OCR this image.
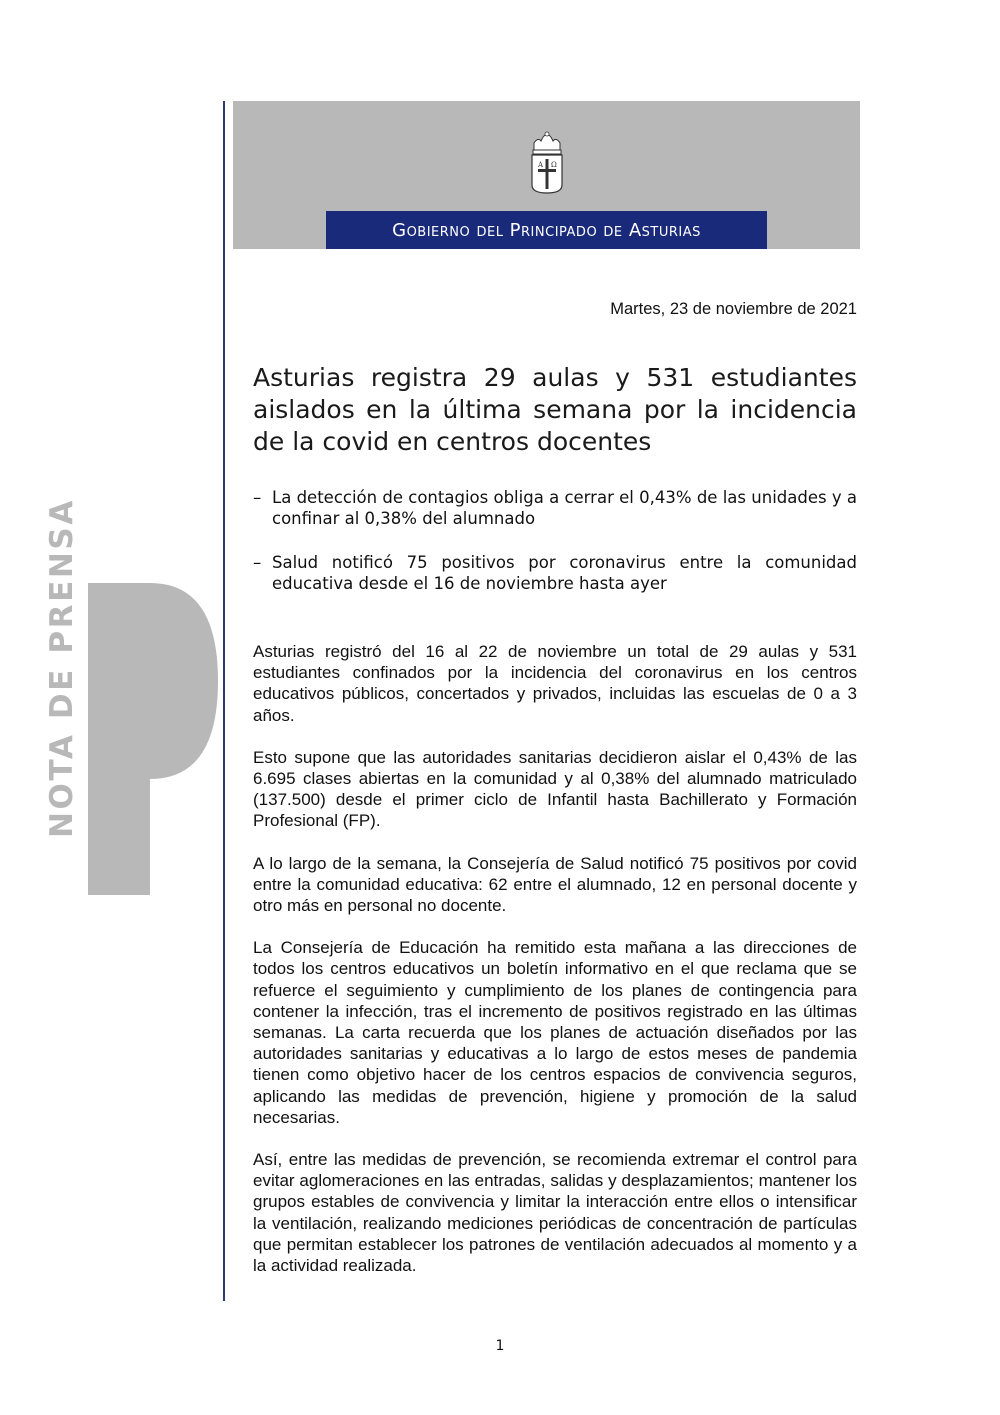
Α Ω
Gobierno del Principado de Asturias
NOTA DE PRENSA
Martes, 23 de noviembre de 2021
Asturias registra 29 aulas y 531 estudiantes aislados en la última semana por la incidencia de la covid en centros docentes
– La detección de contagios obliga a cerrar el 0,43% de las unidades y a confinar al 0,38% del alumnado
– Salud notificó 75 positivos por coronavirus entre la comunidad educativa desde el 16 de noviembre hasta ayer

Asturias registró del 16 al 22 de noviembre un total de 29 aulas y 531 estudiantes confinados por la incidencia del coronavirus en los centros educativos públicos, concertados y privados, incluidas las escuelas de 0 a 3 años.

Esto supone que las autoridades sanitarias decidieron aislar el 0,43% de las 6.695 clases abiertas en la comunidad y al 0,38% del alumnado matriculado (137.500) desde el primer ciclo de Infantil hasta Bachillerato y Formación Profesional (FP).

A lo largo de la semana, la Consejería de Salud notificó 75 positivos por covid entre la comunidad educativa: 62 entre el alumnado, 12 en personal docente y otro más en personal no docente.

La Consejería de Educación ha remitido esta mañana a las direcciones de todos los centros educativos un boletín informativo en el que reclama que se refuerce el seguimiento y cumplimiento de los planes de contingencia para contener la infección, tras el incremento de positivos registrado en las últimas semanas. La carta recuerda que los planes de actuación diseñados por las autoridades sanitarias y educativas a lo largo de estos meses de pandemia tienen como objetivo hacer de los centros espacios de convivencia seguros, aplicando las medidas de prevención, higiene y promoción de la salud necesarias.

Así, entre las medidas de prevención, se recomienda extremar el control para evitar aglomeraciones en las entradas, salidas y desplazamientos; mantener los grupos estables de convivencia y limitar la interacción entre ellos o intensificar la ventilación, realizando mediciones periódicas de concentración de partículas que permitan establecer los patrones de ventilación adecuados al momento y a la actividad realizada.

1
